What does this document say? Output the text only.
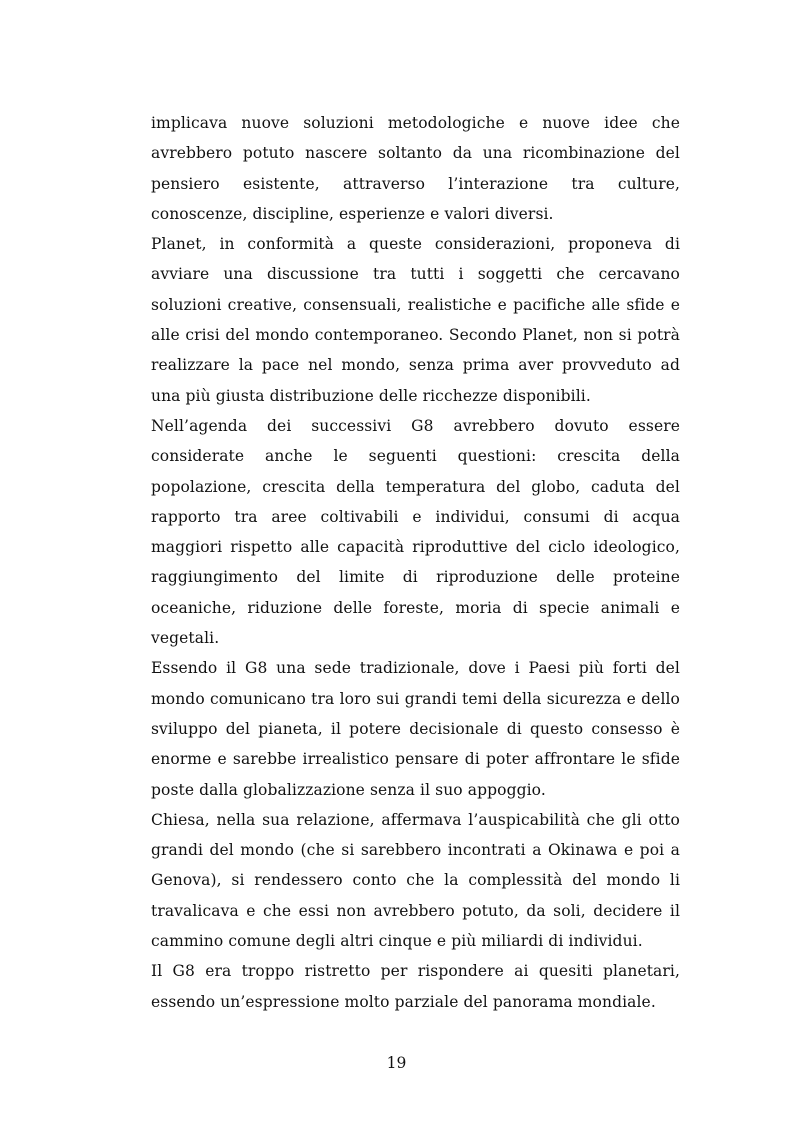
implicava nuove soluzioni metodologiche e nuove idee che avrebbero potuto nascere soltanto da una ricombinazione del pensiero esistente, attraverso l’interazione tra culture, conoscenze, discipline, esperienze e valori diversi.

Planet, in conformità a queste considerazioni, proponeva di avviare una discussione tra tutti i soggetti che cercavano soluzioni creative, consensuali, realistiche e pacifiche alle sfide e alle crisi del mondo contemporaneo. Secondo Planet, non si potrà realizzare la pace nel mondo, senza prima aver provveduto ad una più giusta distribuzione delle ricchezze disponibili.

Nell’agenda dei successivi G8 avrebbero dovuto essere considerate anche le seguenti questioni: crescita della popolazione, crescita della temperatura del globo, caduta del rapporto tra aree coltivabili e individui, consumi di acqua maggiori rispetto alle capacità riproduttive del ciclo ideologico, raggiungimento del limite di riproduzione delle proteine oceaniche, riduzione delle foreste, moria di specie animali e vegetali.

Essendo il G8 una sede tradizionale, dove i Paesi più forti del mondo comunicano tra loro sui grandi temi della sicurezza e dello sviluppo del pianeta, il potere decisionale di questo consesso è enorme e sarebbe irrealistico pensare di poter affrontare le sfide poste dalla globalizzazione senza il suo appoggio.

Chiesa, nella sua relazione, affermava l’auspicabilità che gli otto grandi del mondo (che si sarebbero incontrati a Okinawa e poi a Genova), si rendessero conto che la complessità del mondo li travalicava e che essi non avrebbero potuto, da soli, decidere il cammino comune degli altri cinque e più miliardi di individui.

Il G8 era troppo ristretto per rispondere ai quesiti planetari, essendo un’espressione molto parziale del panorama mondiale.

19
